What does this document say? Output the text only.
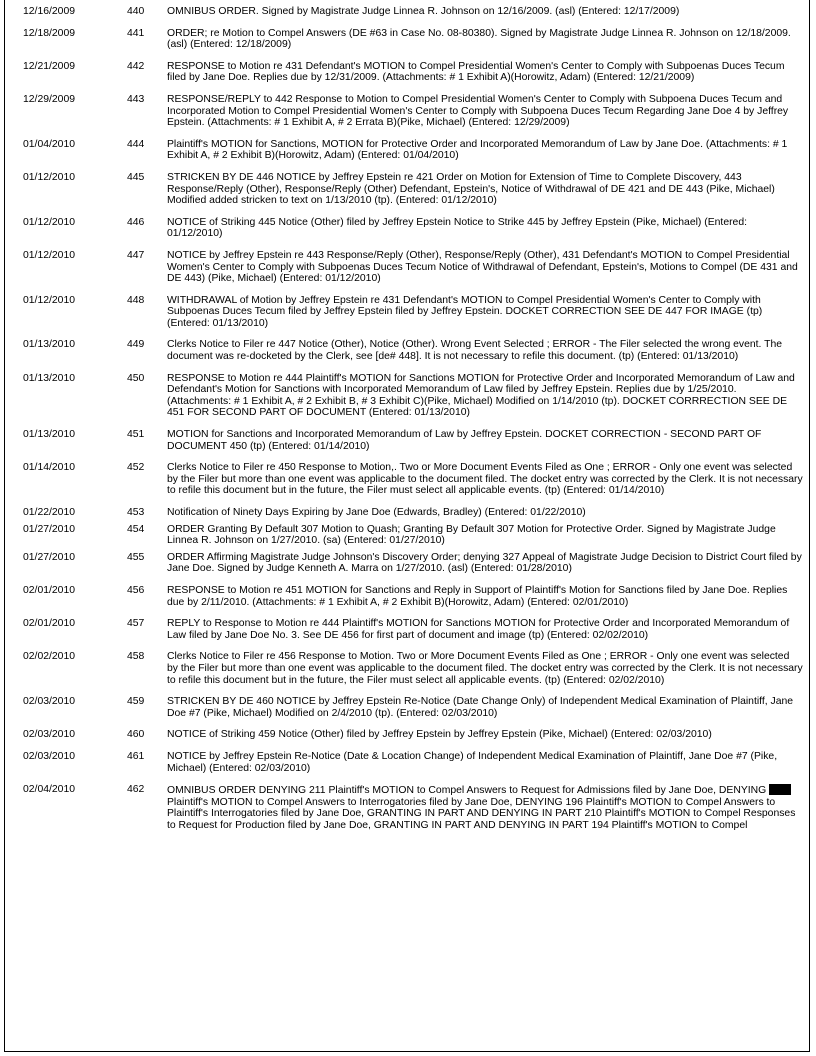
12/16/2009	440	OMNIBUS ORDER. Signed by Magistrate Judge Linnea R. Johnson on 12/16/2009. (asl) (Entered: 12/17/2009)
12/18/2009	441	ORDER; re Motion to Compel Answers (DE #63 in Case No. 08-80380). Signed by Magistrate Judge Linnea R. Johnson on 12/18/2009. (asl) (Entered: 12/18/2009)
12/21/2009	442	RESPONSE to Motion re 431 Defendant's MOTION to Compel Presidential Women's Center to Comply with Subpoenas Duces Tecum filed by Jane Doe. Replies due by 12/31/2009. (Attachments: # 1 Exhibit A)(Horowitz, Adam) (Entered: 12/21/2009)
12/29/2009	443	RESPONSE/REPLY to 442 Response to Motion to Compel Presidential Women's Center to Comply with Subpoena Duces Tecum and Incorporated Motion to Compel Presidential Women's Center to Comply with Subpoena Duces Tecum Regarding Jane Doe 4 by Jeffrey Epstein. (Attachments: # 1 Exhibit A, # 2 Errata B)(Pike, Michael) (Entered: 12/29/2009)
01/04/2010	444	Plaintiff's MOTION for Sanctions, MOTION for Protective Order and Incorporated Memorandum of Law by Jane Doe. (Attachments: # 1 Exhibit A, # 2 Exhibit B)(Horowitz, Adam) (Entered: 01/04/2010)
01/12/2010	445	STRICKEN BY DE 446 NOTICE by Jeffrey Epstein re 421 Order on Motion for Extension of Time to Complete Discovery, 443 Response/Reply (Other), Response/Reply (Other) Defendant, Epstein's, Notice of Withdrawal of DE 421 and DE 443 (Pike, Michael) Modified added stricken to text on 1/13/2010 (tp). (Entered: 01/12/2010)
01/12/2010	446	NOTICE of Striking 445 Notice (Other) filed by Jeffrey Epstein Notice to Strike 445 by Jeffrey Epstein (Pike, Michael) (Entered: 01/12/2010)
01/12/2010	447	NOTICE by Jeffrey Epstein re 443 Response/Reply (Other), Response/Reply (Other), 431 Defendant's MOTION to Compel Presidential Women's Center to Comply with Subpoenas Duces Tecum Notice of Withdrawal of Defendant, Epstein's, Motions to Compel (DE 431 and DE 443) (Pike, Michael) (Entered: 01/12/2010)
01/12/2010	448	WITHDRAWAL of Motion by Jeffrey Epstein re 431 Defendant's MOTION to Compel Presidential Women's Center to Comply with Subpoenas Duces Tecum filed by Jeffrey Epstein filed by Jeffrey Epstein. DOCKET CORRECTION SEE DE 447 FOR IMAGE (tp) (Entered: 01/13/2010)
01/13/2010	449	Clerks Notice to Filer re 447 Notice (Other), Notice (Other). Wrong Event Selected ; ERROR - The Filer selected the wrong event. The document was re-docketed by the Clerk, see [de# 448]. It is not necessary to refile this document. (tp) (Entered: 01/13/2010)
01/13/2010	450	RESPONSE to Motion re 444 Plaintiff's MOTION for Sanctions MOTION for Protective Order and Incorporated Memorandum of Law and Defendant's Motion for Sanctions with Incorporated Memorandum of Law filed by Jeffrey Epstein. Replies due by 1/25/2010. (Attachments: # 1 Exhibit A, # 2 Exhibit B, # 3 Exhibit C)(Pike, Michael) Modified on 1/14/2010 (tp). DOCKET CORRRECTION SEE DE 451 FOR SECOND PART OF DOCUMENT (Entered: 01/13/2010)
01/13/2010	451	MOTION for Sanctions and Incorporated Memorandum of Law by Jeffrey Epstein. DOCKET CORRECTION - SECOND PART OF DOCUMENT 450 (tp) (Entered: 01/14/2010)
01/14/2010	452	Clerks Notice to Filer re 450 Response to Motion,. Two or More Document Events Filed as One ; ERROR - Only one event was selected by the Filer but more than one event was applicable to the document filed. The docket entry was corrected by the Clerk. It is not necessary to refile this document but in the future, the Filer must select all applicable events. (tp) (Entered: 01/14/2010)
01/22/2010	453	Notification of Ninety Days Expiring by Jane Doe (Edwards, Bradley) (Entered: 01/22/2010)
01/27/2010	454	ORDER Granting By Default 307 Motion to Quash; Granting By Default 307 Motion for Protective Order. Signed by Magistrate Judge Linnea R. Johnson on 1/27/2010. (sa) (Entered: 01/27/2010)
01/27/2010	455	ORDER Affirming Magistrate Judge Johnson's Discovery Order; denying 327 Appeal of Magistrate Judge Decision to District Court filed by Jane Doe. Signed by Judge Kenneth A. Marra on 1/27/2010. (asl) (Entered: 01/28/2010)
02/01/2010	456	RESPONSE to Motion re 451 MOTION for Sanctions and Reply in Support of Plaintiff's Motion for Sanctions filed by Jane Doe. Replies due by 2/11/2010. (Attachments: # 1 Exhibit A, # 2 Exhibit B)(Horowitz, Adam) (Entered: 02/01/2010)
02/01/2010	457	REPLY to Response to Motion re 444 Plaintiff's MOTION for Sanctions MOTION for Protective Order and Incorporated Memorandum of Law filed by Jane Doe No. 3. See DE 456 for first part of document and image (tp) (Entered: 02/02/2010)
02/02/2010	458	Clerks Notice to Filer re 456 Response to Motion. Two or More Document Events Filed as One ; ERROR - Only one event was selected by the Filer but more than one event was applicable to the document filed. The docket entry was corrected by the Clerk. It is not necessary to refile this document but in the future, the Filer must select all applicable events. (tp) (Entered: 02/02/2010)
02/03/2010	459	STRICKEN BY DE 460 NOTICE by Jeffrey Epstein Re-Notice (Date Change Only) of Independent Medical Examination of Plaintiff, Jane Doe #7 (Pike, Michael) Modified on 2/4/2010 (tp). (Entered: 02/03/2010)
02/03/2010	460	NOTICE of Striking 459 Notice (Other) filed by Jeffrey Epstein by Jeffrey Epstein (Pike, Michael) (Entered: 02/03/2010)
02/03/2010	461	NOTICE by Jeffrey Epstein Re-Notice (Date & Location Change) of Independent Medical Examination of Plaintiff, Jane Doe #7 (Pike, Michael) (Entered: 02/03/2010)
02/04/2010	462	OMNIBUS ORDER DENYING 211 Plaintiff's MOTION to Compel Answers to Request for Admissions filed by Jane Doe, DENYING  Plaintiff's MOTION to Compel Answers to Interrogatories filed by Jane Doe, DENYING 196 Plaintiff's MOTION to Compel Answers to Plaintiff's Interrogatories filed by Jane Doe, GRANTING IN PART AND DENYING IN PART 210 Plaintiff's MOTION to Compel Responses to Request for Production filed by Jane Doe, GRANTING IN PART AND DENYING IN PART 194 Plaintiff's MOTION to Compel
